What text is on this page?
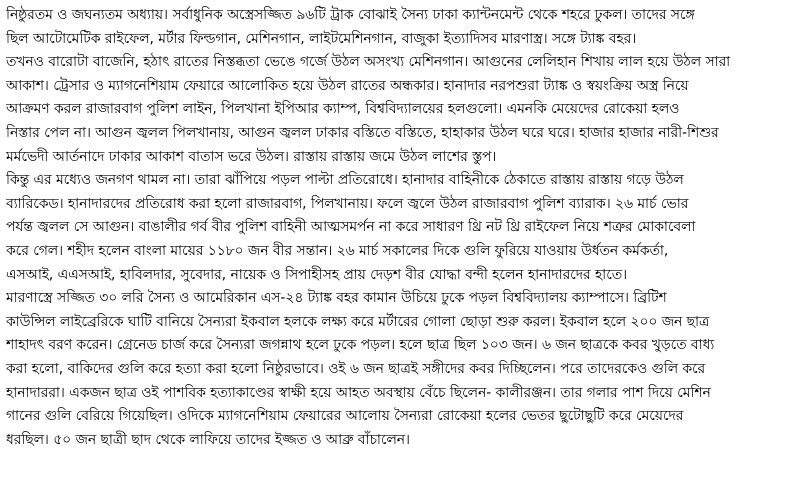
নিষ্ঠুরতম ও জঘন্যতম অধ্যায়। সর্বাধুনিক অস্ত্রেসজ্জিত ৯৬টি ট্রাক বোঝাই সৈন্য ঢাকা ক্যান্টনমেন্ট থেকে শহরে ঢুকল। তাদের সঙ্গে
ছিল আটোমেটিক রাইফেল, মর্টার ফিল্ডগান, মেশিনগান, লাইটমেশিনগান, বাজুকা ইত্যাদিসব মারণাস্ত্র। সঙ্গে ট্যাঙ্ক বহর।

তখনও বারোটা বাজেনি, হঠাৎ রাতের নিস্তব্ধতা ভেঙে গর্জে উঠল অসংখ্য মেশিনগান। আগুনের লেলিহান শিখায় লাল হয়ে উঠল সারা
আকাশ। ট্রেসার ও ম্যাগনেশিয়াম ফেয়ারে আলোকিত হয়ে উঠল রাতের অন্ধকার। হানাদার নরপশুরা ট্যাঙ্ক ও স্বয়ংক্রিয় অস্ত্র নিয়ে
আক্রমণ করল রাজারবাগ পুলিশ লাইন, পিলখানা ইপিআর ক্যাম্প, বিশ্ববিদ্যালয়ের হলগুলো। এমনকি মেয়েদের রোকেয়া হলও
নিস্তার পেল না। আগুন জ্বলল পিলখানায়, আগুন জ্বলল ঢাকার বস্তিতে বস্তিতে, হাহাকার উঠল ঘরে ঘরে। হাজার হাজার নারী-শিশুর
মর্মভেদী আর্তনাদে ঢাকার আকাশ বাতাস ভরে উঠল। রাস্তায় রাস্তায় জমে উঠল লাশের স্তুপ।

কিন্তু এর মধ্যেও জনগণ থামল না। তারা ঝাঁপিয়ে পড়ল পাল্টা প্রতিরোধে। হানাদার বাহিনীকে ঠেকাতে রাস্তায় রাস্তায় গড়ে উঠল
ব্যারিকেড। হানাদারদের প্রতিরোধ করা হলো রাজারবাগ, পিলখানায়। ফলে জ্বলে উঠল রাজারবাগ পুলিশ ব্যারাক। ২৬ মার্চ ভোর
পর্যন্ত জ্বলল সে আগুন। বাঙালীর গর্ব বীর পুলিশ বাহিনী আত্মসমর্পন না করে সাধারণ থ্রি নট থ্রি রাইফেল নিয়ে শত্রুর মোকাবেলা
করে গেল। শহীদ হলেন বাংলা মায়ের ১১৮০ জন বীর সন্তান। ২৬ মার্চ সকালের দিকে গুলি ফুরিয়ে যাওয়ায় উর্ধতন কর্মকর্তা,
এসআই, এএসআই, হাবিলদার, সুবেদার, নায়েক ও সিপাহীসহ প্রায় দেড়শ বীর যোদ্ধা বন্দী হলেন হানাদারদের হাতে।

মারণাস্ত্রে সজ্জিত ৩০ লরি সৈন্য ও আমেরিকান এস-২৪ ট্যাঙ্ক বহর কামান উচিয়ে ঢুকে পড়ল বিশ্ববিদ্যালয় ক্যাম্পাসে। ব্রিটিশ
কাউন্সিল লাইব্রেরিকে ঘাটি বানিয়ে সৈন্যরা ইকবাল হলকে লক্ষ্য করে মর্টারের গোলা ছোড়া শুরু করল। ইকবাল হলে ২০০ জন ছাত্র
শাহাদৎ বরণ করেন। গ্রেনেড চার্জ করে সৈন্যরা জগন্নাথ হলে ঢুকে পড়ল। হলে ছাত্র ছিল ১০৩ জন। ৬ জন ছাত্রকে কবর খুড়তে বাধ্য
করা হলো, বাকিদের গুলি করে হত্যা করা হলো নিষ্ঠুরভাবে। ওই ৬ জন ছাত্রই সঙ্গীদের কবর দিচ্ছিলেন। পরে তাদেরকেও গুলি করে
হানাদাররা। একজন ছাত্র ওই পাশবিক হত্যাকাণ্ডের স্বাক্ষী হয়ে আহত অবস্থায় বেঁচে ছিলেন- কালীরঞ্জন। তার গলার পাশ দিয়ে মেশিন
গানের গুলি বেরিয়ে গিয়েছিল। ওদিকে ম্যাগনেশিয়াম ফেয়ারের আলোয় সৈন্যরা রোকেয়া হলের ভেতর ছুটোছুটি করে মেয়েদের
ধরছিল। ৫০ জন ছাত্রী ছাদ থেকে লাফিয়ে তাদের ইজ্জত ও আব্রু বাঁচালেন।
